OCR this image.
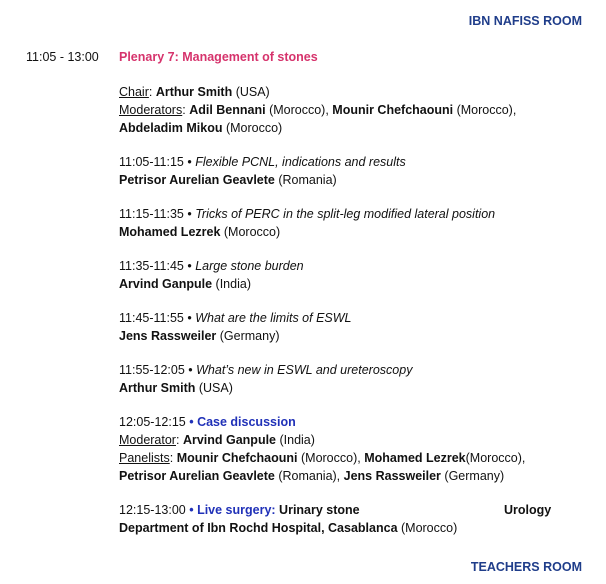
IBN NAFISS ROOM
11:05 - 13:00 Plenary 7: Management of stones
Chair: Arthur Smith (USA)
Moderators: Adil Bennani (Morocco), Mounir Chefchaouni (Morocco),
Abdeladim Mikou (Morocco)
11:05-11:15 • Flexible PCNL, indications and results
Petrisor Aurelian Geavlete (Romania)
11:15-11:35 • Tricks of PERC in the split-leg modified lateral position
Mohamed Lezrek (Morocco)
11:35-11:45 • Large stone burden
Arvind Ganpule (India)
11:45-11:55 • What are the limits of ESWL
Jens Rassweiler (Germany)
11:55-12:05 • What’s new in ESWL and ureteroscopy
Arthur Smith (USA)
12:05-12:15 • Case discussion
Moderator: Arvind Ganpule (India)
Panelists: Mounir Chefchaouni (Morocco), Mohamed Lezrek(Morocco),
Petrisor Aurelian Geavlete (Romania), Jens Rassweiler (Germany)
12:15-13:00 • Live surgery: Urinary stone	Urology
Department of Ibn Rochd Hospital, Casablanca (Morocco)
TEACHERS ROOM
